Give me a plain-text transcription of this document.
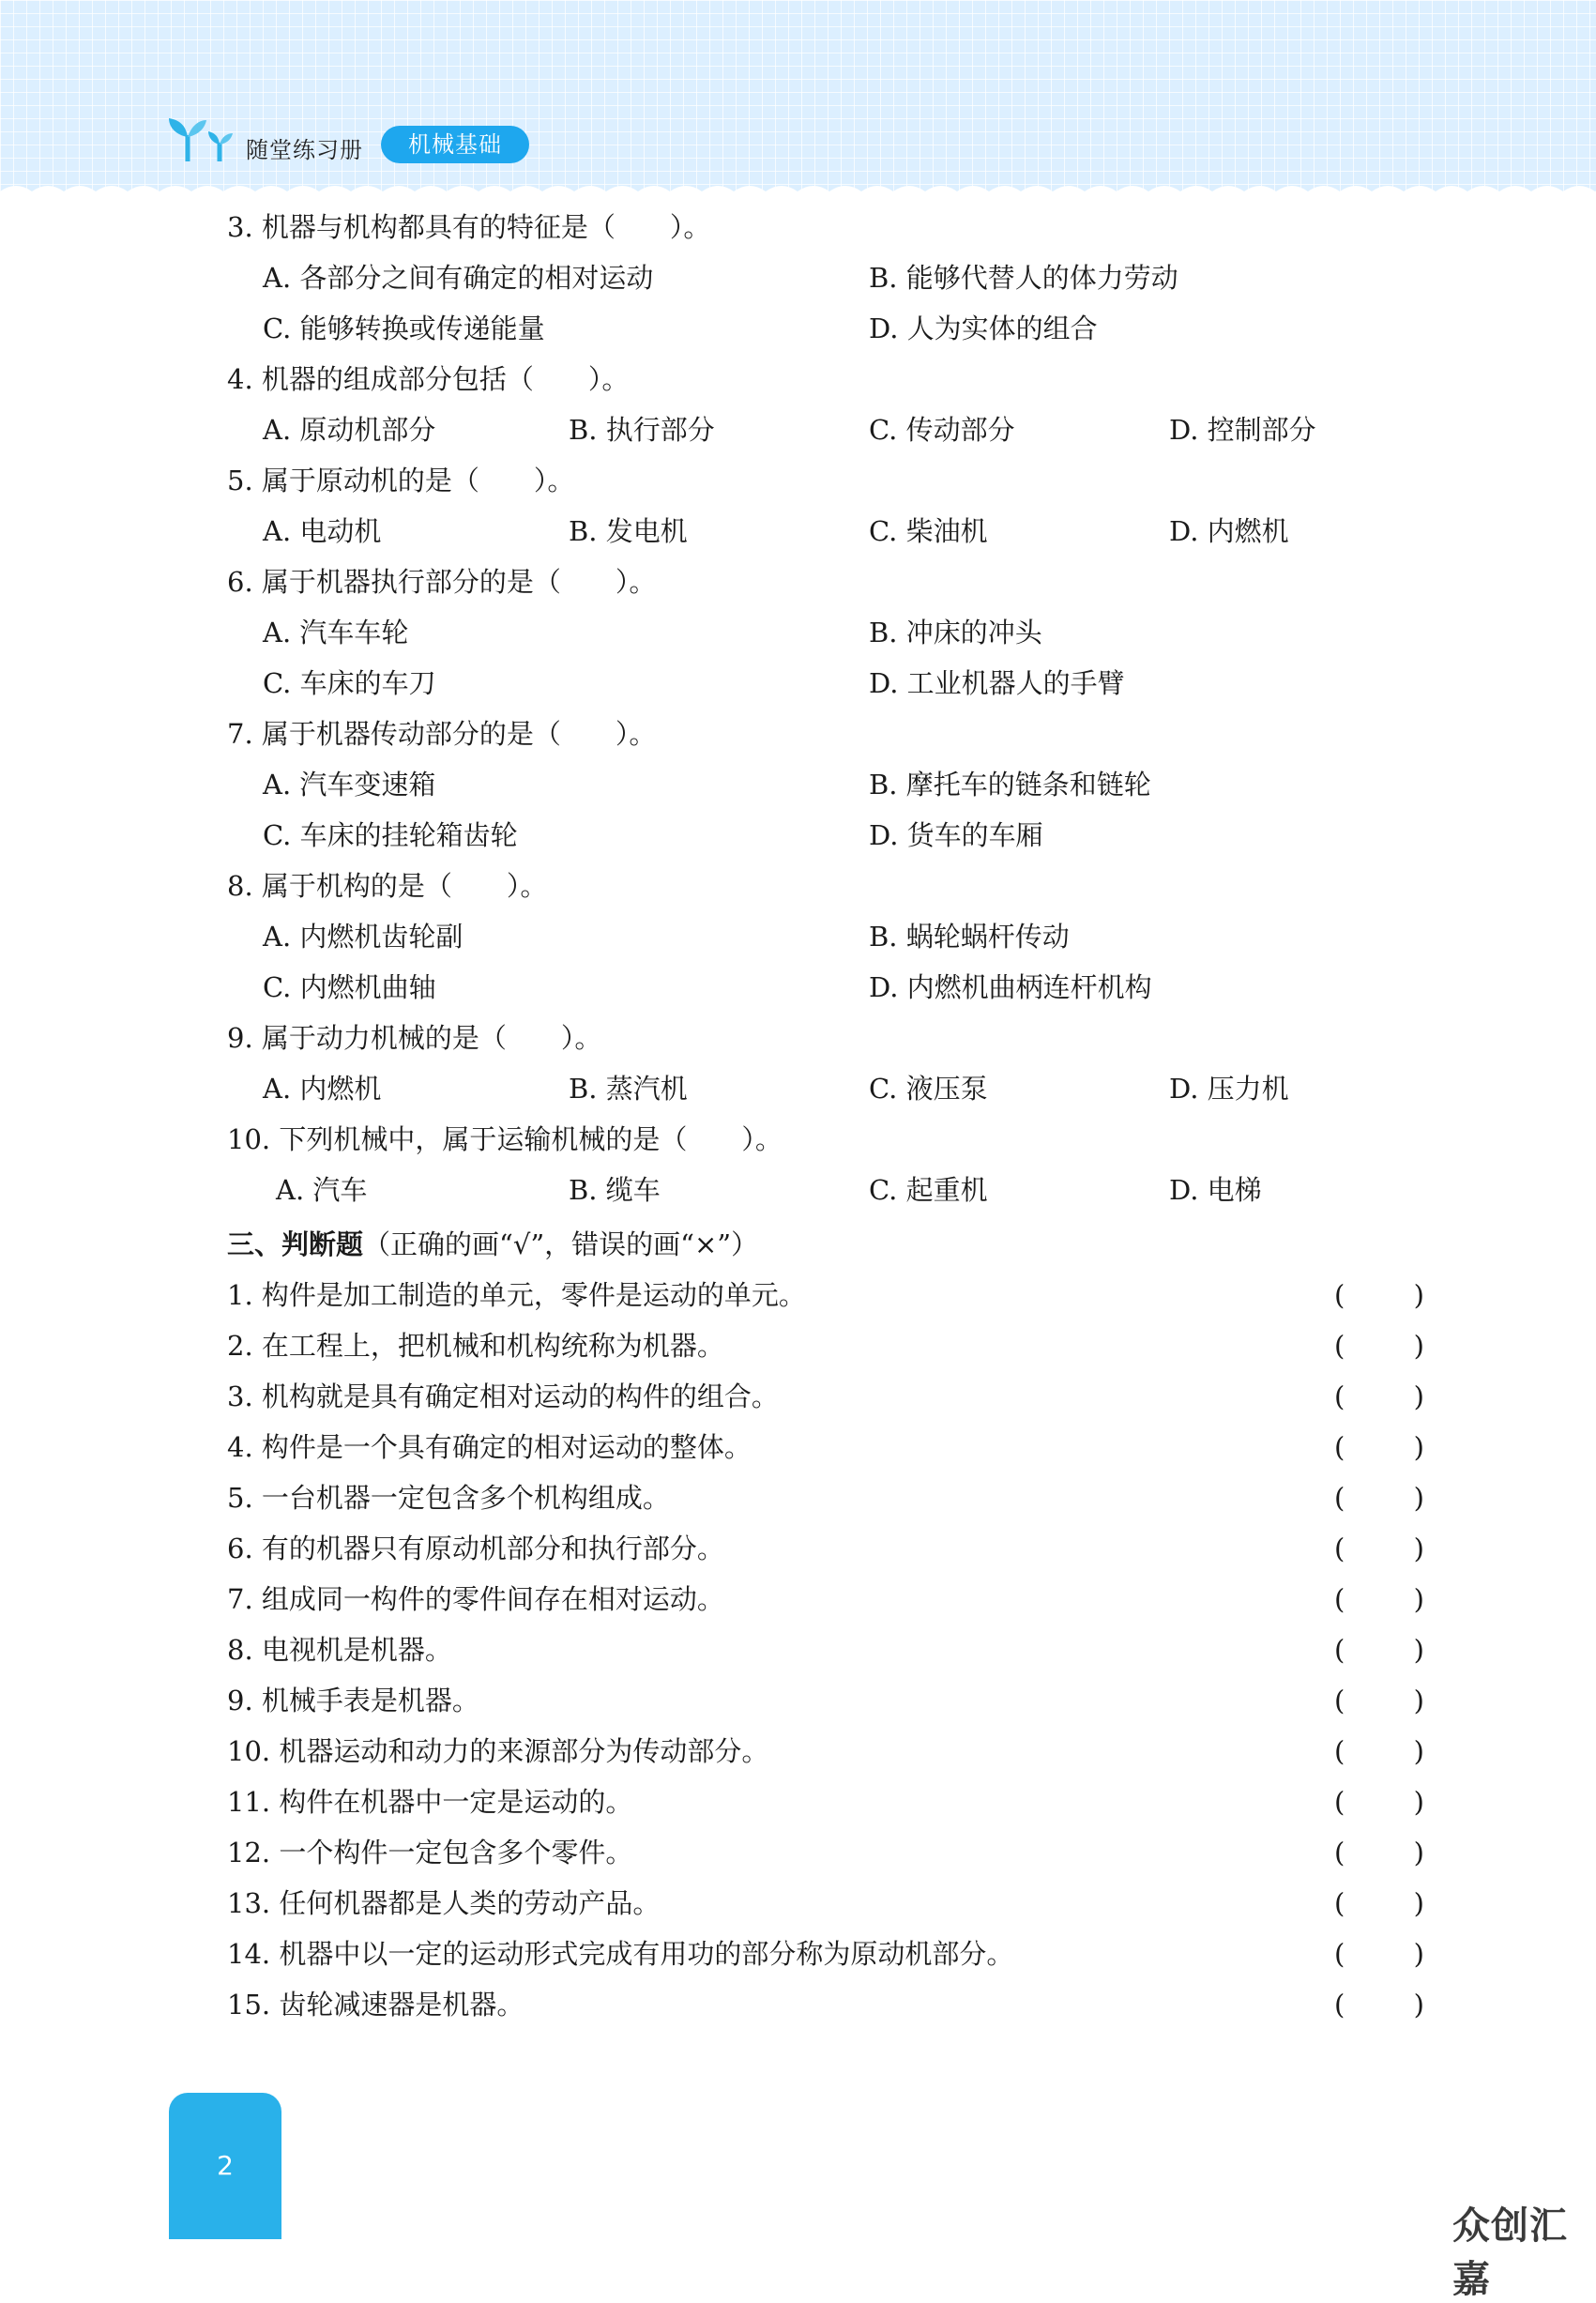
随堂练习册	机械基础
3. 机器与机构都具有的特征是（　　）。
A. 各部分之间有确定的相对运动	B. 能够代替人的体力劳动
C. 能够转换或传递能量	D. 人为实体的组合
4. 机器的组成部分包括（　　）。
A. 原动机部分	B. 执行部分	C. 传动部分	D. 控制部分
5. 属于原动机的是（　　）。
A. 电动机	B. 发电机	C. 柴油机	D. 内燃机
6. 属于机器执行部分的是（　　）。
A. 汽车车轮	B. 冲床的冲头
C. 车床的车刀	D. 工业机器人的手臂
7. 属于机器传动部分的是（　　）。
A. 汽车变速箱	B. 摩托车的链条和链轮
C. 车床的挂轮箱齿轮	D. 货车的车厢
8. 属于机构的是（　　）。
A. 内燃机齿轮副	B. 蜗轮蜗杆传动
C. 内燃机曲轴	D. 内燃机曲柄连杆机构
9. 属于动力机械的是（　　）。
A. 内燃机	B. 蒸汽机	C. 液压泵	D. 压力机
10. 下列机械中，属于运输机械的是（　　）。
A. 汽车	B. 缆车	C. 起重机	D. 电梯
三、判断题（正确的画“√”，错误的画“×”）
1. 构件是加工制造的单元，零件是运动的单元。	(	)
2. 在工程上，把机械和机构统称为机器。	(	)
3. 机构就是具有确定相对运动的构件的组合。	(	)
4. 构件是一个具有确定的相对运动的整体。	(	)
5. 一台机器一定包含多个机构组成。	(	)
6. 有的机器只有原动机部分和执行部分。	(	)
7. 组成同一构件的零件间存在相对运动。	(	)
8. 电视机是机器。	(	)
9. 机械手表是机器。	(	)
10. 机器运动和动力的来源部分为传动部分。	(	)
11. 构件在机器中一定是运动的。	(	)
12. 一个构件一定包含多个零件。	(	)
13. 任何机器都是人类的劳动产品。	(	)
14. 机器中以一定的运动形式完成有用功的部分称为原动机部分。	(	)
15. 齿轮减速器是机器。	(	)
2
众创汇嘉
